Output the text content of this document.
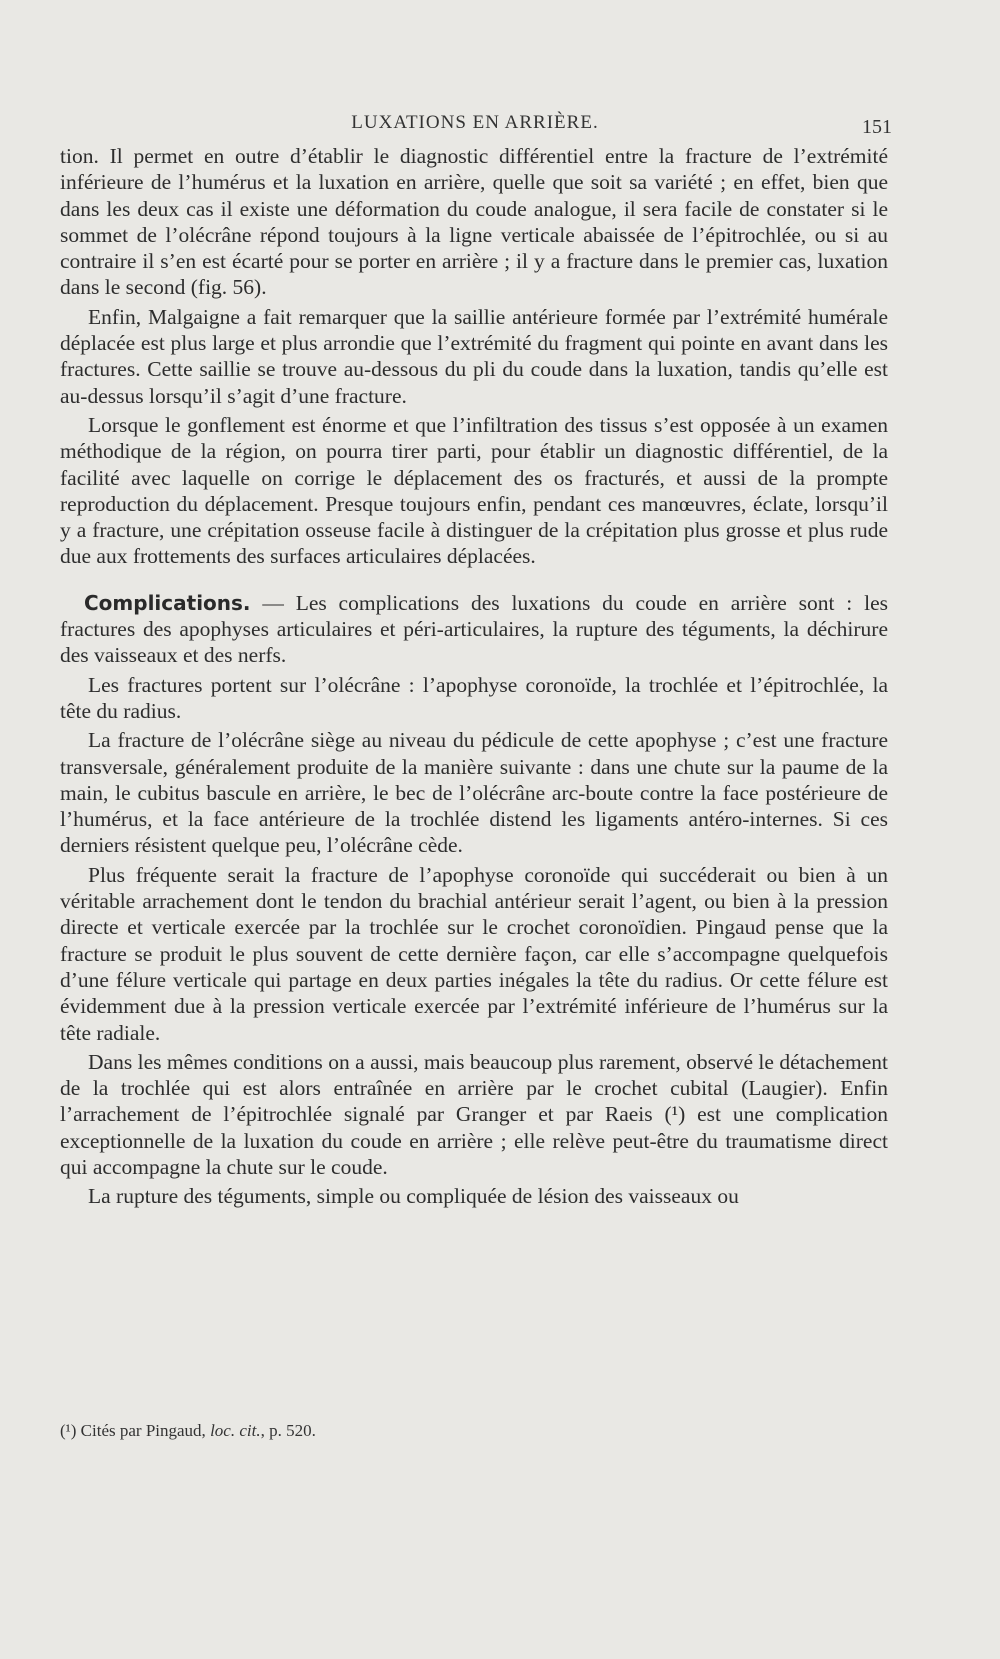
LUXATIONS EN ARRIÈRE.	151

tion. Il permet en outre d’établir le diagnostic différentiel entre la fracture de l’extrémité inférieure de l’humérus et la luxation en arrière, quelle que soit sa variété ; en effet, bien que dans les deux cas il existe une déformation du coude analogue, il sera facile de constater si le sommet de l’olécrâne répond toujours à la ligne verticale abaissée de l’épitrochlée, ou si au contraire il s’en est écarté pour se porter en arrière ; il y a fracture dans le premier cas, luxation dans le second (fig. 56).

Enfin, Malgaigne a fait remarquer que la saillie antérieure formée par l’extrémité humérale déplacée est plus large et plus arrondie que l’extrémité du fragment qui pointe en avant dans les fractures. Cette saillie se trouve au-dessous du pli du coude dans la luxation, tandis qu’elle est au-dessus lorsqu’il s’agit d’une fracture.

Lorsque le gonflement est énorme et que l’infiltration des tissus s’est opposée à un examen méthodique de la région, on pourra tirer parti, pour établir un diagnostic différentiel, de la facilité avec laquelle on corrige le déplacement des os fracturés, et aussi de la prompte reproduction du déplacement. Presque toujours enfin, pendant ces manœuvres, éclate, lorsqu’il y a fracture, une crépitation osseuse facile à distinguer de la crépitation plus grosse et plus rude due aux frottements des surfaces articulaires déplacées.

Complications. — Les complications des luxations du coude en arrière sont : les fractures des apophyses articulaires et péri-articulaires, la rupture des téguments, la déchirure des vaisseaux et des nerfs.

Les fractures portent sur l’olécrâne : l’apophyse coronoïde, la trochlée et l’épitrochlée, la tête du radius.

La fracture de l’olécrâne siège au niveau du pédicule de cette apophyse ; c’est une fracture transversale, généralement produite de la manière suivante : dans une chute sur la paume de la main, le cubitus bascule en arrière, le bec de l’olécrâne arc-boute contre la face postérieure de l’humérus, et la face antérieure de la trochlée distend les ligaments antéro-internes. Si ces derniers résistent quelque peu, l’olécrâne cède.

Plus fréquente serait la fracture de l’apophyse coronoïde qui succéderait ou bien à un véritable arrachement dont le tendon du brachial antérieur serait l’agent, ou bien à la pression directe et verticale exercée par la trochlée sur le crochet coronoïdien. Pingaud pense que la fracture se produit le plus souvent de cette dernière façon, car elle s’accompagne quelquefois d’une félure verticale qui partage en deux parties inégales la tête du radius. Or cette félure est évidemment due à la pression verticale exercée par l’extrémité inférieure de l’humérus sur la tête radiale.

Dans les mêmes conditions on a aussi, mais beaucoup plus rarement, observé le détachement de la trochlée qui est alors entraînée en arrière par le crochet cubital (Laugier). Enfin l’arrachement de l’épitrochlée signalé par Granger et par Raeis (¹) est une complication exceptionnelle de la luxation du coude en arrière ; elle relève peut-être du traumatisme direct qui accompagne la chute sur le coude.

La rupture des téguments, simple ou compliquée de lésion des vaisseaux ou

(¹) Cités par Pingaud, loc. cit., p. 520.
